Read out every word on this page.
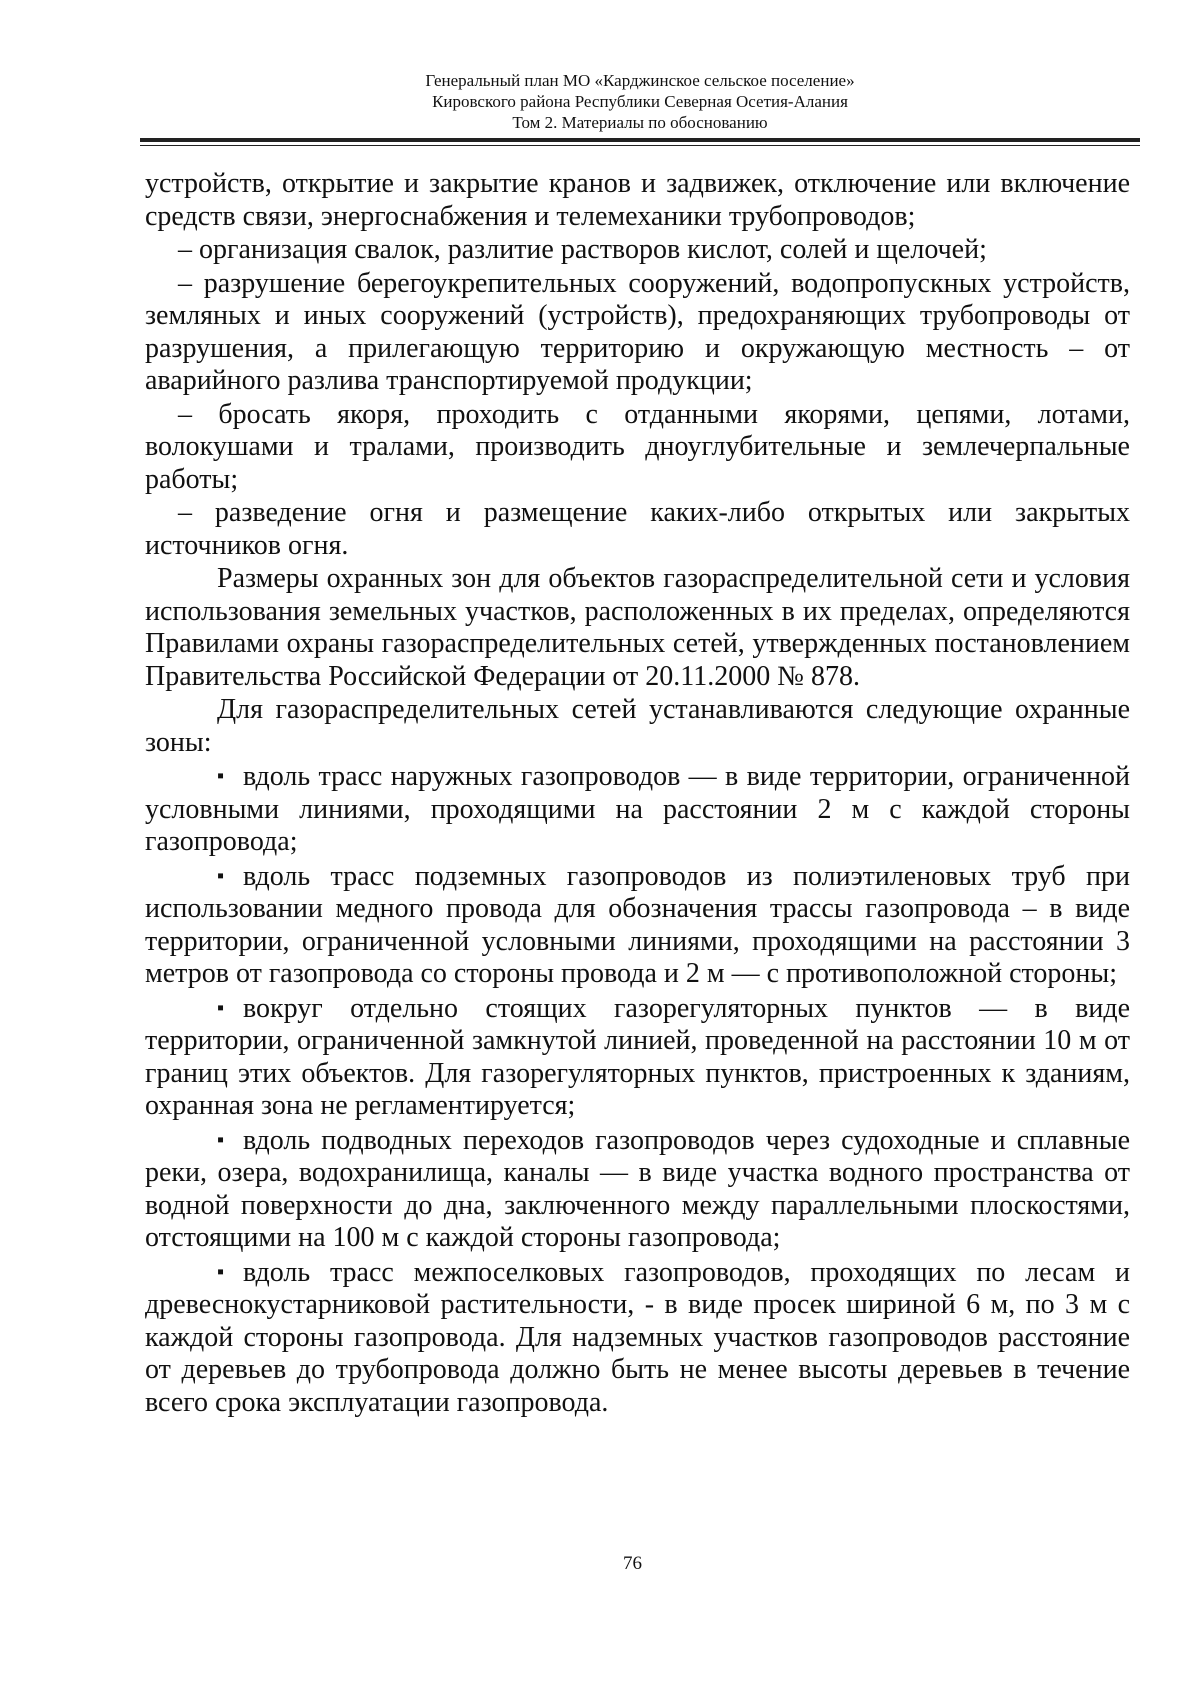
Генеральный план МО «Карджинское сельское поселение»
Кировского района Республики Северная Осетия-Алания
Том 2. Материалы по обоснованию

устройств, открытие и закрытие кранов и задвижек, отключение или включение средств связи, энергоснабжения и телемеханики трубопроводов;

– организация свалок, разлитие растворов кислот, солей и щелочей;

– разрушение берегоукрепительных сооружений, водопропускных устройств, земляных и иных сооружений (устройств), предохраняющих трубопроводы от разрушения, а прилегающую территорию и окружающую местность – от аварийного разлива транспортируемой продукции;

– бросать якоря, проходить с отданными якорями, цепями, лотами, волокушами и тралами, производить дноуглубительные и землечерпальные работы;

– разведение огня и размещение каких-либо открытых или закрытых источников огня.

Размеры охранных зон для объектов газораспределительной сети и условия использования земельных участков, расположенных в их пределах, определяются Правилами охраны газораспределительных сетей, утвержденных постановлением Правительства Российской Федерации от 20.11.2000 № 878.

Для газораспределительных сетей устанавливаются следующие охранные зоны:

▪ вдоль трасс наружных газопроводов — в виде территории, ограниченной условными линиями, проходящими на расстоянии 2 м с каждой стороны газопровода;

▪ вдоль трасс подземных газопроводов из полиэтиленовых труб при использовании медного провода для обозначения трассы газопровода – в виде территории, ограниченной условными линиями, проходящими на расстоянии 3 метров от газопровода со стороны провода и 2 м — с противоположной стороны;

▪ вокруг отдельно стоящих газорегуляторных пунктов — в виде территории, ограниченной замкнутой линией, проведенной на расстоянии 10 м от границ этих объектов. Для газорегуляторных пунктов, пристроенных к зданиям, охранная зона не регламентируется;

▪ вдоль подводных переходов газопроводов через судоходные и сплавные реки, озера, водохранилища, каналы — в виде участка водного пространства от водной поверхности до дна, заключенного между параллельными плоскостями, отстоящими на 100 м с каждой стороны газопровода;

▪ вдоль трасс межпоселковых газопроводов, проходящих по лесам и древеснокустарниковой растительности, - в виде просек шириной 6 м, по 3 м с каждой стороны газопровода. Для надземных участков газопроводов расстояние от деревьев до трубопровода должно быть не менее высоты деревьев в течение всего срока эксплуатации газопровода.

76
